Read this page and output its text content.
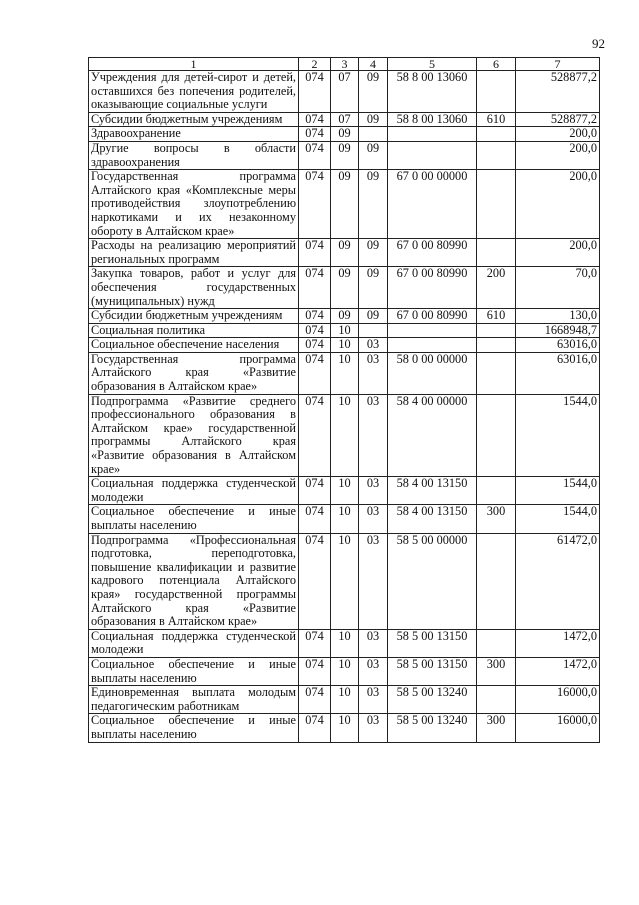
92
1	2	3	4	5	6	7
Учреждения для детей-сирот и детей, оставшихся без попечения родителей, оказывающие социальные услуги	074	07	09	58 8 00 13060		528877,2
Субсидии бюджетным учреждениям	074	07	09	58 8 00 13060	610	528877,2
Здравоохранение	074	09				200,0
Другие вопросы в области здравоохранения	074	09	09			200,0
Государственная программа Алтайского края «Комплексные меры противодействия злоупотреблению наркотиками и их незаконному обороту в Алтайском крае»	074	09	09	67 0 00 00000		200,0
Расходы на реализацию мероприятий региональных программ	074	09	09	67 0 00 80990		200,0
Закупка товаров, работ и услуг для обеспечения государственных (муниципальных) нужд	074	09	09	67 0 00 80990	200	70,0
Субсидии бюджетным учреждениям	074	09	09	67 0 00 80990	610	130,0
Социальная политика	074	10				1668948,7
Социальное обеспечение населения	074	10	03			63016,0
Государственная программа Алтайского края «Развитие образования в Алтайском крае»	074	10	03	58 0 00 00000		63016,0
Подпрограмма «Развитие среднего профессионального образования в Алтайском крае» государственной программы Алтайского края «Развитие образования в Алтайском крае»	074	10	03	58 4 00 00000		1544,0
Социальная поддержка студенческой молодежи	074	10	03	58 4 00 13150		1544,0
Социальное обеспечение и иные выплаты населению	074	10	03	58 4 00 13150	300	1544,0
Подпрограмма «Профессиональная подготовка, переподготовка, повышение квалификации и развитие кадрового потенциала Алтайского края» государственной программы Алтайского края «Развитие образования в Алтайском крае»	074	10	03	58 5 00 00000		61472,0
Социальная поддержка студенческой молодежи	074	10	03	58 5 00 13150		1472,0
Социальное обеспечение и иные выплаты населению	074	10	03	58 5 00 13150	300	1472,0
Единовременная выплата молодым педагогическим работникам	074	10	03	58 5 00 13240		16000,0
Социальное обеспечение и иные выплаты населению	074	10	03	58 5 00 13240	300	16000,0
